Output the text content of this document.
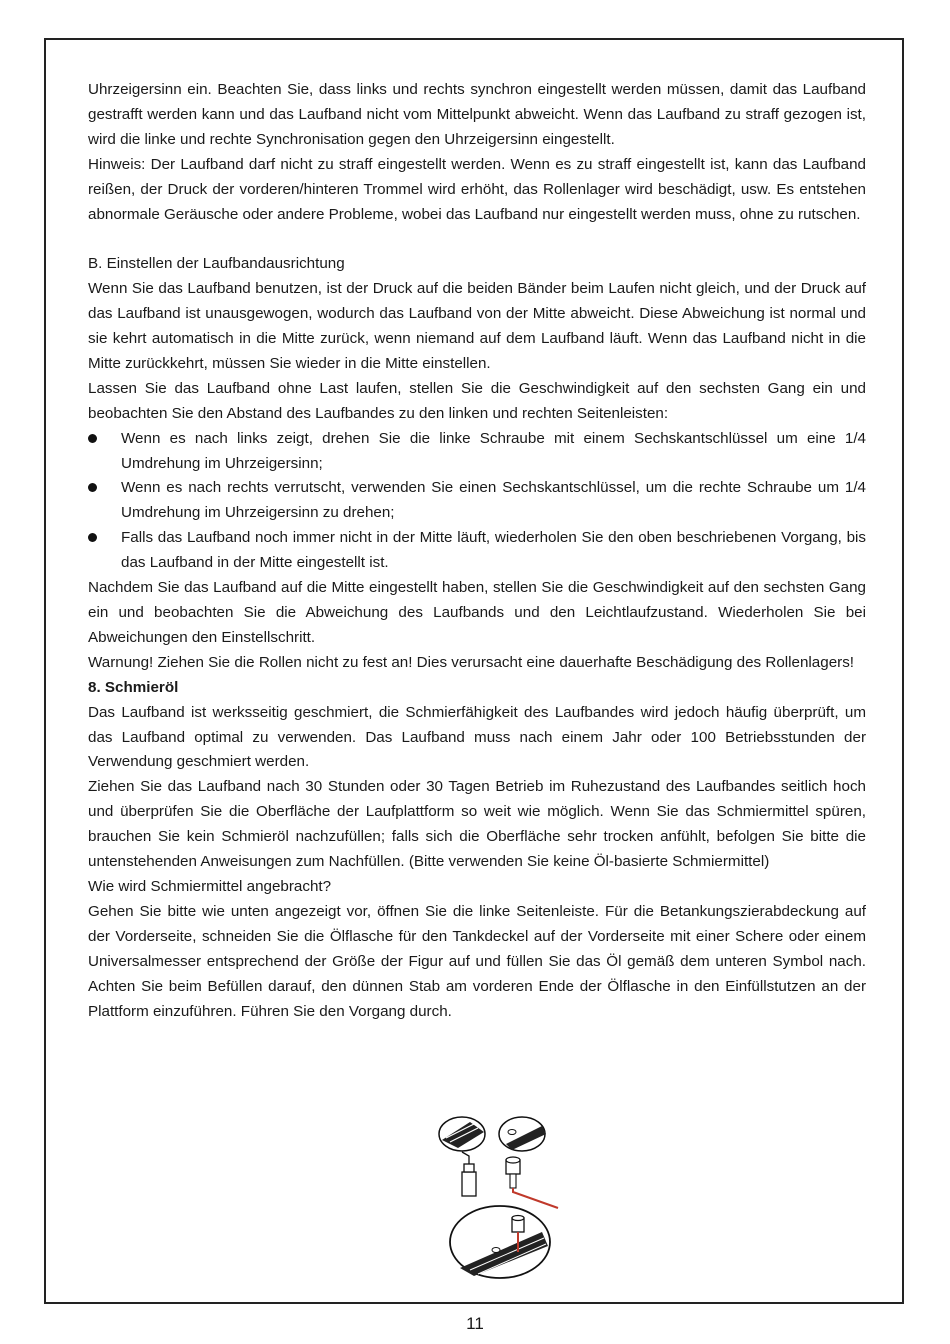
Uhrzeigersinn ein. Beachten Sie, dass links und rechts synchron eingestellt werden müssen, damit das Laufband gestrafft werden kann und das Laufband nicht vom Mittelpunkt abweicht. Wenn das Laufband zu straff gezogen ist, wird die linke und rechte Synchronisation gegen den Uhrzeigersinn eingestellt.

Hinweis: Der Laufband darf nicht zu straff eingestellt werden. Wenn es zu straff eingestellt ist, kann das Laufband reißen, der Druck der vorderen/hinteren Trommel wird erhöht, das Rollenlager wird beschädigt, usw. Es entstehen abnormale Geräusche oder andere Probleme, wobei das Laufband nur eingestellt werden muss, ohne zu rutschen.

B. Einstellen der Laufbandausrichtung

Wenn Sie das Laufband benutzen, ist der Druck auf die beiden Bänder beim Laufen nicht gleich, und der Druck auf das Laufband ist unausgewogen, wodurch das Laufband von der Mitte abweicht. Diese Abweichung ist normal und sie kehrt automatisch in die Mitte zurück, wenn niemand auf dem Laufband läuft. Wenn das Laufband nicht in die Mitte zurückkehrt, müssen Sie wieder in die Mitte einstellen.

Lassen Sie das Laufband ohne Last laufen, stellen Sie die Geschwindigkeit auf den sechsten Gang ein und beobachten Sie den Abstand des Laufbandes zu den linken und rechten Seitenleisten:

Wenn es nach links zeigt, drehen Sie die linke Schraube mit einem Sechskantschlüssel um eine 1/4 Umdrehung im Uhrzeigersinn;
Wenn es nach rechts verrutscht, verwenden Sie einen Sechskantschlüssel, um die rechte Schraube um 1/4 Umdrehung im Uhrzeigersinn zu drehen;
Falls das Laufband noch immer nicht in der Mitte läuft, wiederholen Sie den oben beschriebenen Vorgang, bis das Laufband in der Mitte eingestellt ist.

Nachdem Sie das Laufband auf die Mitte eingestellt haben, stellen Sie die Geschwindigkeit auf den sechsten Gang ein und beobachten Sie die Abweichung des Laufbands und den Leichtlaufzustand. Wiederholen Sie bei Abweichungen den Einstellschritt.

Warnung! Ziehen Sie die Rollen nicht zu fest an! Dies verursacht eine dauerhafte Beschädigung des Rollenlagers!

8. Schmieröl

Das Laufband ist werksseitig geschmiert, die Schmierfähigkeit des Laufbandes wird jedoch häufig überprüft, um das Laufband optimal zu verwenden. Das Laufband muss nach einem Jahr oder 100 Betriebsstunden der Verwendung geschmiert werden.

Ziehen Sie das Laufband nach 30 Stunden oder 30 Tagen Betrieb im Ruhezustand des Laufbandes seitlich hoch und überprüfen Sie die Oberfläche der Laufplattform so weit wie möglich. Wenn Sie das Schmiermittel spüren, brauchen Sie kein Schmieröl nachzufüllen; falls sich die Oberfläche sehr trocken anfühlt, befolgen Sie bitte die untenstehenden Anweisungen zum Nachfüllen. (Bitte verwenden Sie keine Öl-basierte Schmiermittel)

Wie wird Schmiermittel angebracht?

Gehen Sie bitte wie unten angezeigt vor, öffnen Sie die linke Seitenleiste. Für die Betankungszierabdeckung auf der Vorderseite, schneiden Sie die Ölflasche für den Tankdeckel auf der Vorderseite mit einer Schere oder einem Universalmesser entsprechend der Größe der Figur auf und füllen Sie das Öl gemäß dem unteren Symbol nach. Achten Sie beim Befüllen darauf, den dünnen Stab am vorderen Ende der Ölflasche in den Einfüllstutzen an der Plattform einzuführen. Führen Sie den Vorgang durch.

11
